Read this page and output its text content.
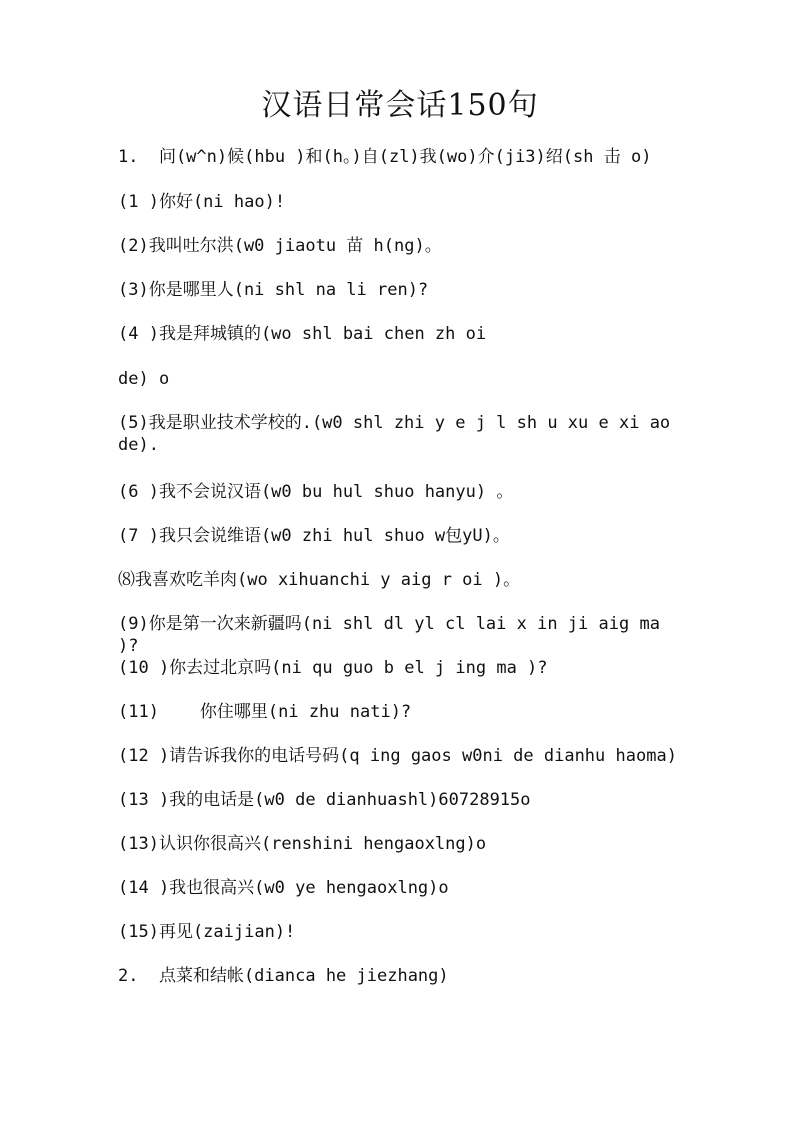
汉语日常会话150句
1.  问(w^n)候(hbu )和(h。)自(zl)我(wo)介(ji3)绍(sh 击 o)
(1 )你好(ni hao)!
(2)我叫吐尔洪(w0 jiaotu 苗 h(ng)。
(3)你是哪里人(ni shl na li ren)?
(4 )我是拜城镇的(wo shl bai chen zh oi
de) o
(5)我是职业技术学校的.(w0 shl zhi y e j l sh u xu e xi ao de).
(6 )我不会说汉语(w0 bu hul shuo hanyu) 。
(7 )我只会说维语(w0 zhi hul shuo w包yU)。
⑻我喜欢吃羊肉(wo xihuanchi y aig r oi )。
(9)你是第一次来新疆吗(ni shl dl yl cl lai x in ji aig ma )?
(10 )你去过北京吗(ni qu guo b el j ing ma )?
(11)    你住哪里(ni zhu nati)?
(12 )请告诉我你的电话号码(q ing gaos w0ni de dianhu haoma)
(13 )我的电话是(w0 de dianhuashl)60728915o
(13)认识你很高兴(renshini hengaoxlng)o
(14 )我也很高兴(w0 ye hengaoxlng)o
(15)再见(zaijian)!
2.  点菜和结帐(dianca he jiezhang)
